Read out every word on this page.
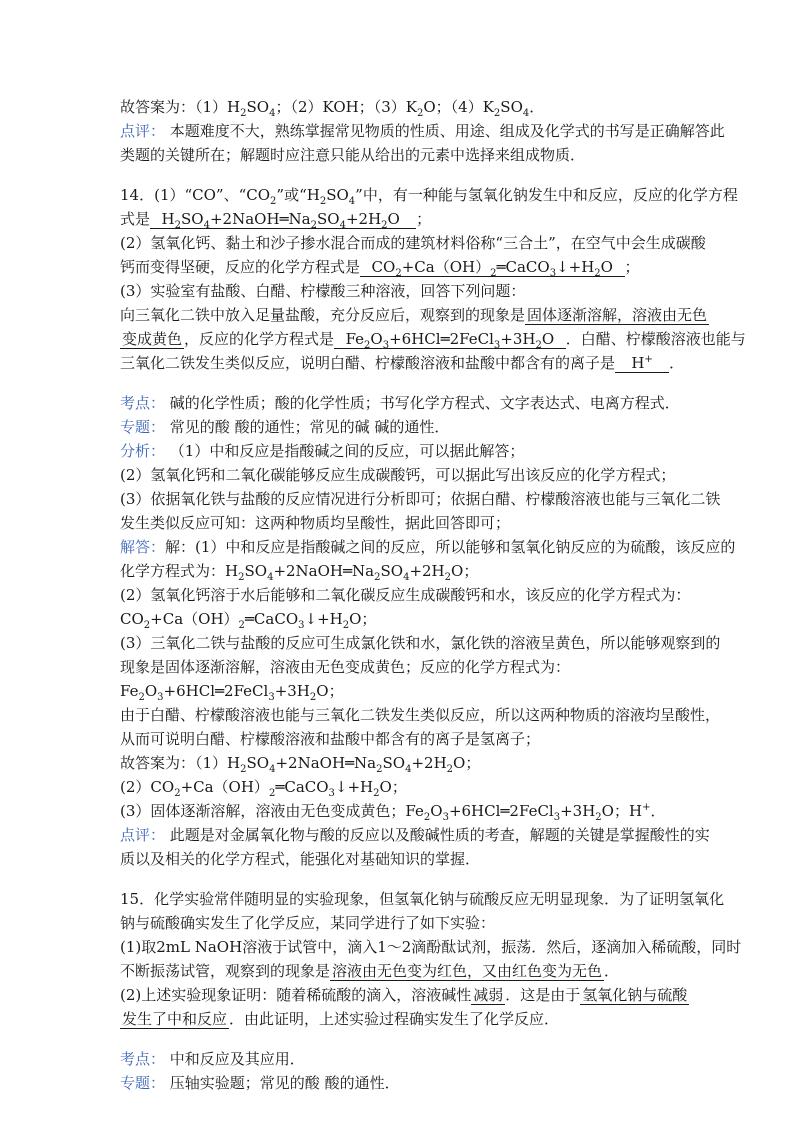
故答案为：$(1)H_2SO_4$；（2）KOH；$(3)K_2O$；$(4)K_2SO_4$．
点评： 本题难度不大，熟练掌握常见物质的性质、用途、组成及化学式的书写是正确解答此
类题的关键所在；解题时应注意只能从给出的元素中选择来组成物质．
14．(1）“CO”、“$CO_2$”或“$H_2SO_4$”中，有一种能与氢氧化钠发生中和反应，反应的化学方程
式是  $H_2SO_4+2NaOH═Na_2SO_4+2H_2O$   ；
(2）氢氧化钙、黏土和沙子掺水混合而成的建筑材料俗称“三合土”，在空气中会生成碳酸
钙而变得坚硬，反应的化学方程式是  $CO_2+Ca(OH)_2═CaCO_3↓+H_2O$  ；
(3）实验室有盐酸、白醋、柠檬酸三种溶液，回答下列问题：
向三氧化二铁中放入足量盐酸，充分反应后，观察到的现象是 固体逐渐溶解，溶液由无色
变成黄色 ，反应的化学方程式是  $Fe_2O_3+6HCl═2FeCl_3+3H_2O$  ．白醋、柠檬酸溶液也能与
三氧化二铁发生类似反应，说明白醋、柠檬酸溶液和盐酸中都含有的离子是 H+ ．
考点： 碱的化学性质；酸的化学性质；书写化学方程式、文字表达式、电离方程式．
专题： 常见的酸 酸的通性；常见的碱 碱的通性．
分析： （1）中和反应是指酸碱之间的反应，可以据此解答；
(2）氢氧化钙和二氧化碳能够反应生成碳酸钙，可以据此写出该反应的化学方程式；
(3）依据氧化铁与盐酸的反应情况进行分析即可；依据白醋、柠檬酸溶液也能与三氧化二铁
发生类似反应可知：这两种物质均呈酸性，据此回答即可；
解答：解：(1）中和反应是指酸碱之间的反应，所以能够和氢氧化钠反应的为硫酸，该反应的
化学方程式为：$H_2SO_4+2NaOH═Na_2SO_4+2H_2O$；
(2）氢氧化钙溶于水后能够和二氧化碳反应生成碳酸钙和水，该反应的化学方程式为：
$CO_2+Ca(OH)_2═CaCO_3↓+H_2O$；
(3）三氧化二铁与盐酸的反应可生成氯化铁和水，氯化铁的溶液呈黄色，所以能够观察到的
现象是固体逐渐溶解，溶液由无色变成黄色；反应的化学方程式为：
$Fe_2O_3+6HCl═2FeCl_3+3H_2O$；
由于白醋、柠檬酸溶液也能与三氧化二铁发生类似反应，所以这两种物质的溶液均呈酸性，
从而可说明白醋、柠檬酸溶液和盐酸中都含有的离子是氢离子；
故答案为：$(1)H_2SO_4+2NaOH═Na_2SO_4+2H_2O$；
$(2)CO_2+Ca(OH)_2═CaCO_3↓+H_2O$；
(3）固体逐渐溶解，溶液由无色变成黄色；$Fe_2O_3+6HCl═2FeCl_3+3H_2O$；H+．
点评： 此题是对金属氧化物与酸的反应以及酸碱性质的考查，解题的关键是掌握酸性的实
质以及相关的化学方程式，能强化对基础知识的掌握．
15．化学实验常伴随明显的实验现象，但氢氧化钠与硫酸反应无明显现象．为了证明氢氧化
钠与硫酸确实发生了化学反应，某同学进行了如下实验：
(1)取2mL NaOH溶液于试管中，滴入1～2滴酚酞试剂，振荡．然后，逐滴加入稀硫酸，同时
不断振荡试管，观察到的现象是 溶液由无色变为红色，又由红色变为无色 ．
(2)上述实验现象证明：随着稀硫酸的滴入，溶液碱性 减弱 ．这是由于 氢氧化钠与硫酸
发生了中和反应 ．由此证明，上述实验过程确实发生了化学反应．
考点： 中和反应及其应用．
专题： 压轴实验题；常见的酸 酸的通性．
